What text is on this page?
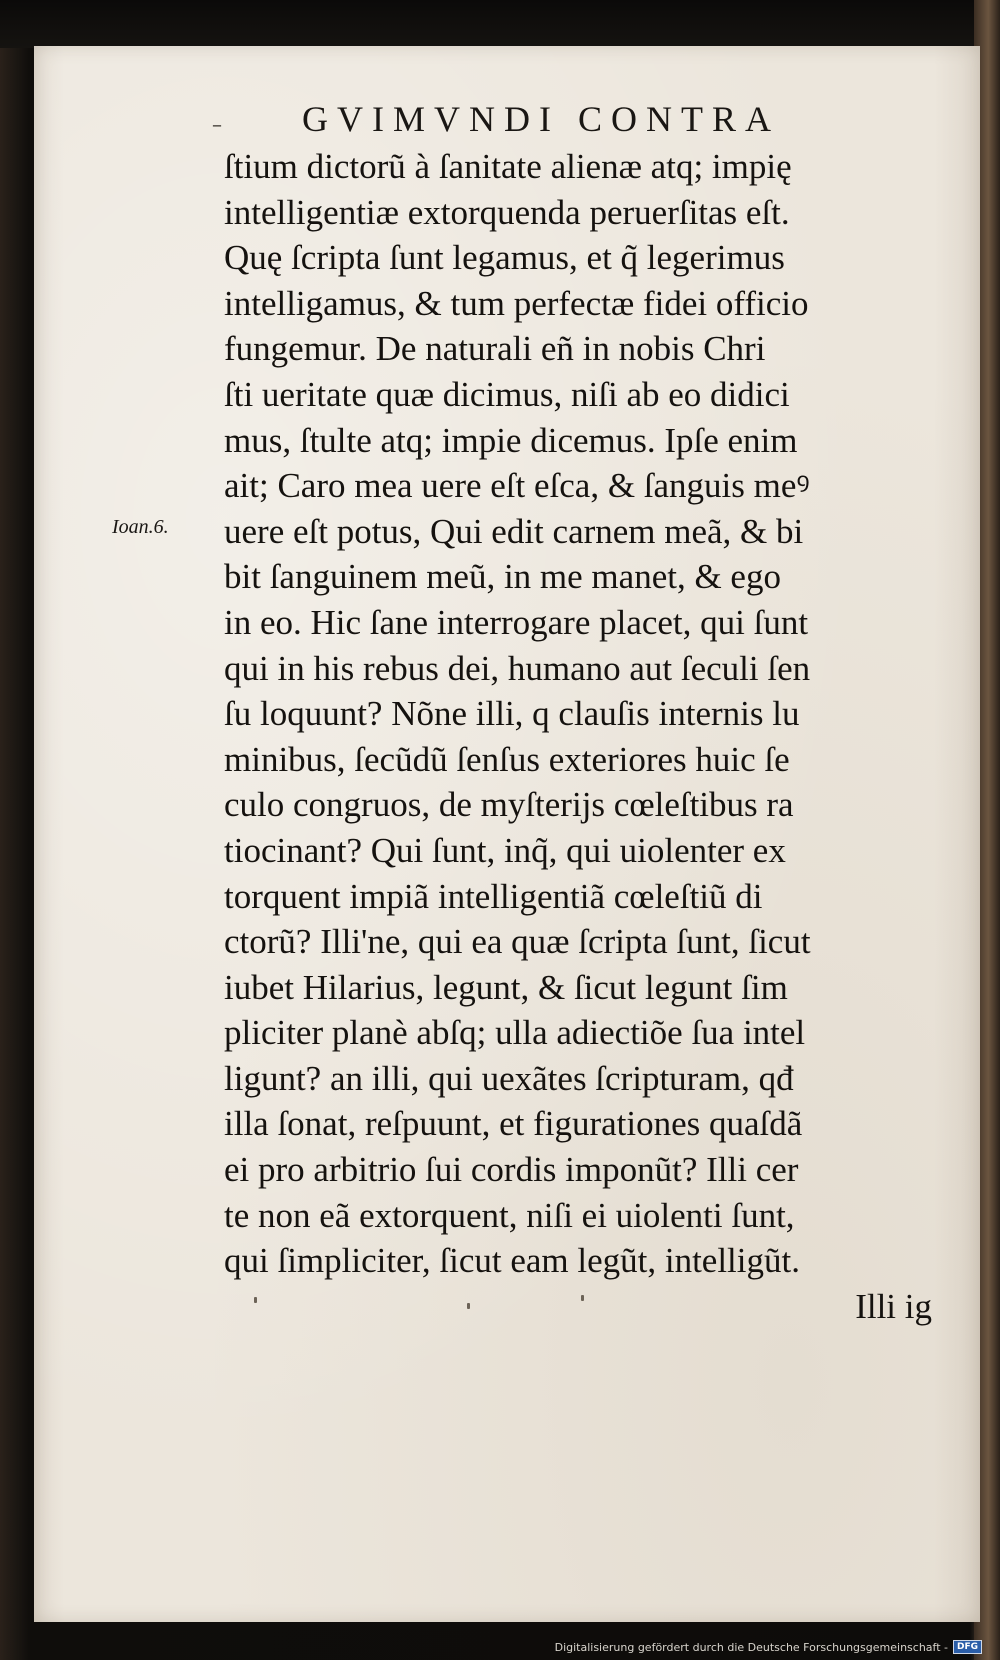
– GVIMVNDI CONTRA
Ioan.6.
ſtium dictorũ à ſanitate alienæ atq; impię
intelligentiæ extorquenda peruerſitas eſt.
Quę ſcripta ſunt legamus, et q̃ legerimus
intelligamus, & tum perfectæ fidei officio
fungemur. De naturali eñ in nobis Chri
ſti ueritate quæ dicimus, niſi ab eo didici
mus, ſtulte atq; impie dicemus. Ipſe enim
ait; Caro mea uere eſt eſca, & ſanguis meꝰ
uere eſt potus, Qui edit carnem meã, & bi
bit ſanguinem meũ, in me manet, & ego
in eo. Hic ſane interrogare placet, qui ſunt
qui in his rebus dei, humano aut ſeculi ſen
ſu loquunt? Nõne illi, q clauſis internis lu
minibus, ſecũdũ ſenſus exteriores huic ſe
culo congruos, de myſterijs cœleſtibus ra
tiocinant? Qui ſunt, inq̃, qui uiolenter ex
torquent impiã intelligentiã cœleſtiũ di
ctorũ? Illi'ne, qui ea quæ ſcripta ſunt, ſicut
iubet Hilarius, legunt, & ſicut legunt ſim
pliciter planè abſq; ulla adiectiõe ſua intel
ligunt? an illi, qui uexãtes ſcripturam, qđ
illa ſonat, reſpuunt, et figurationes quaſdã
ei pro arbitrio ſui cordis imponũt? Illi cer
te non eã extorquent, niſi ei uiolenti ſunt,
qui ſimpliciter, ſicut eam legũt, intelligũt.
Illi ig
Digitalisierung gefördert durch die Deutsche Forschungsgemeinschaft -	DFG
